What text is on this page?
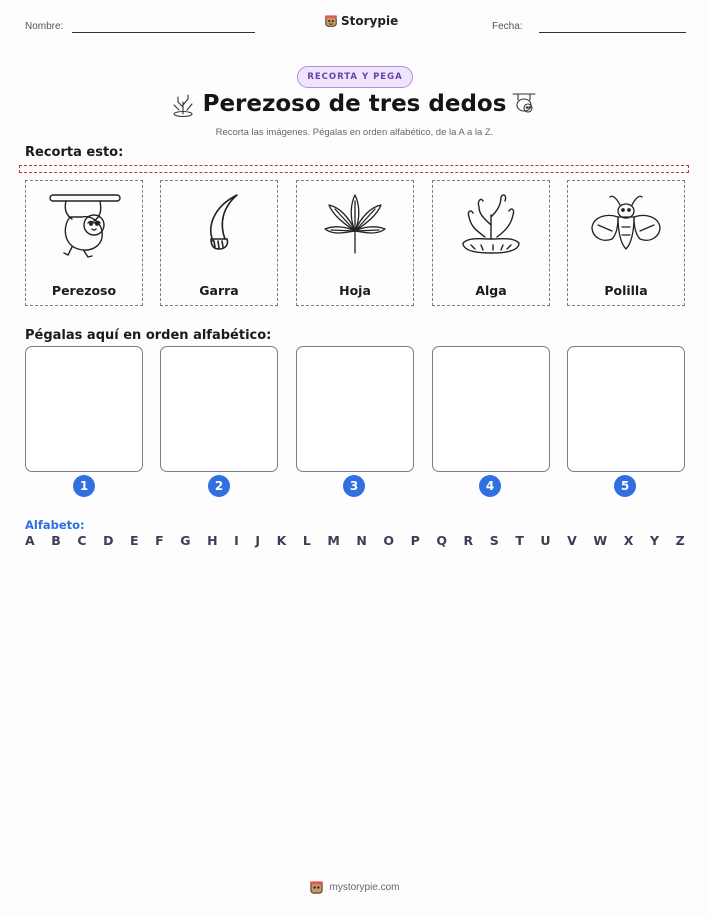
Nombre:	Storypie	Fecha:
RECORTA Y PEGA
Perezoso de tres dedos
Recorta las imágenes. Pégalas en orden alfabético, de la A a la Z.
Recorta esto:
Perezoso	Garra	Hoja	Alga	Polilla
Pégalas aquí en orden alfabético:
1	2	3	4	5
Alfabeto:
A B C D E F G H I J K L M N O P Q R S T U V W X Y Z
mystorypie.com
